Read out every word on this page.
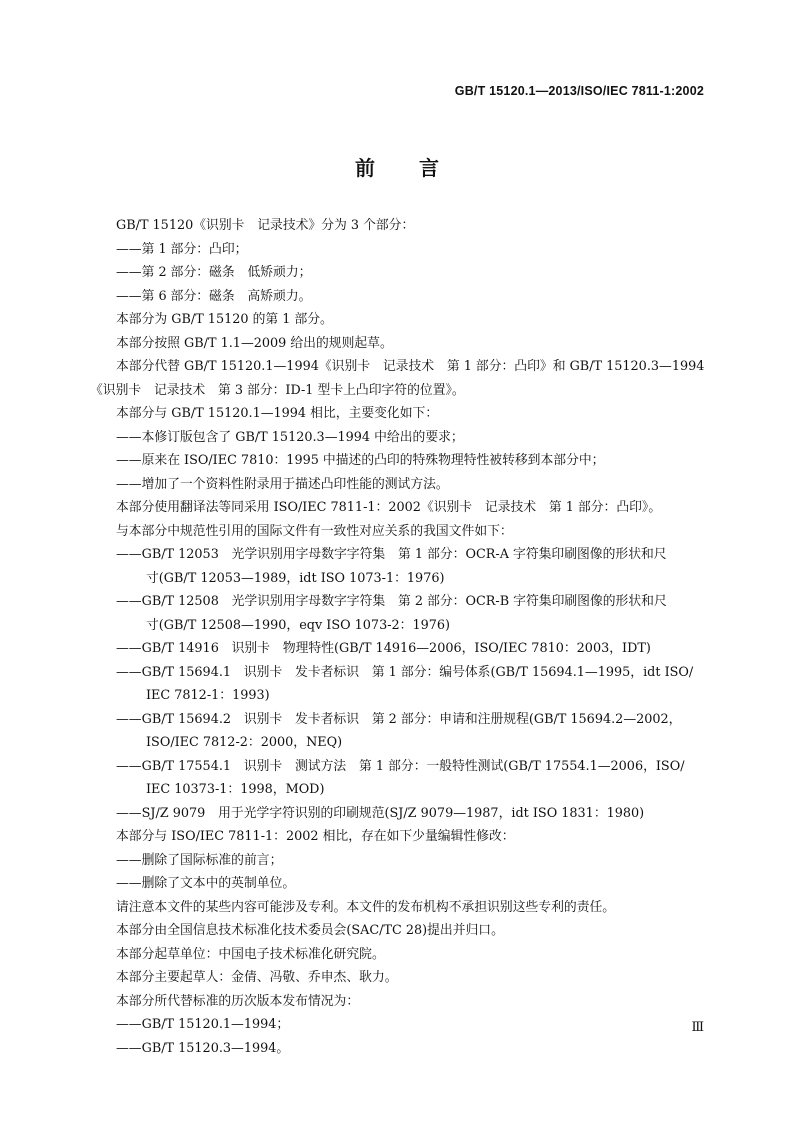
GB/T 15120.1—2013/ISO/IEC 7811-1:2002
前言
GB/T 15120《识别卡　记录技术》分为 3 个部分：
——第 1 部分：凸印；
——第 2 部分：磁条　低矫顽力；
——第 6 部分：磁条　高矫顽力。
本部分为 GB/T 15120 的第 1 部分。
本部分按照 GB/T 1.1—2009 给出的规则起草。
本部分代替 GB/T 15120.1—1994《识别卡　记录技术　第 1 部分：凸印》和 GB/T 15120.3—1994
《识别卡　记录技术　第 3 部分：ID-1 型卡上凸印字符的位置》。
本部分与 GB/T 15120.1—1994 相比，主要变化如下：
——本修订版包含了 GB/T 15120.3—1994 中给出的要求；
——原来在 ISO/IEC 7810：1995 中描述的凸印的特殊物理特性被转移到本部分中；
——增加了一个资料性附录用于描述凸印性能的测试方法。
本部分使用翻译法等同采用 ISO/IEC 7811-1：2002《识别卡　记录技术　第 1 部分：凸印》。
与本部分中规范性引用的国际文件有一致性对应关系的我国文件如下：
——GB/T 12053　光学识别用字母数字字符集　第 1 部分：OCR-A 字符集印刷图像的形状和尺
寸(GB/T 12053—1989，idt ISO 1073-1：1976)
——GB/T 12508　光学识别用字母数字字符集　第 2 部分：OCR-B 字符集印刷图像的形状和尺
寸(GB/T 12508—1990，eqv ISO 1073-2：1976)
——GB/T 14916　识别卡　物理特性(GB/T 14916—2006，ISO/IEC 7810：2003，IDT)
——GB/T 15694.1　识别卡　发卡者标识　第 1 部分：编号体系(GB/T 15694.1—1995，idt ISO/
IEC 7812-1：1993)
——GB/T 15694.2　识别卡　发卡者标识　第 2 部分：申请和注册规程(GB/T 15694.2—2002，
ISO/IEC 7812-2：2000，NEQ)
——GB/T 17554.1　识别卡　测试方法　第 1 部分：一般特性测试(GB/T 17554.1—2006，ISO/
IEC 10373-1：1998，MOD)
——SJ/Z 9079　用于光学字符识别的印刷规范(SJ/Z 9079—1987，idt ISO 1831：1980)
本部分与 ISO/IEC 7811-1：2002 相比，存在如下少量编辑性修改：
——删除了国际标准的前言；
——删除了文本中的英制单位。
请注意本文件的某些内容可能涉及专利。本文件的发布机构不承担识别这些专利的责任。
本部分由全国信息技术标准化技术委员会(SAC/TC 28)提出并归口。
本部分起草单位：中国电子技术标准化研究院。
本部分主要起草人：金倩、冯敬、乔申杰、耿力。
本部分所代替标准的历次版本发布情况为：
——GB/T 15120.1—1994；
——GB/T 15120.3—1994。
Ⅲ
